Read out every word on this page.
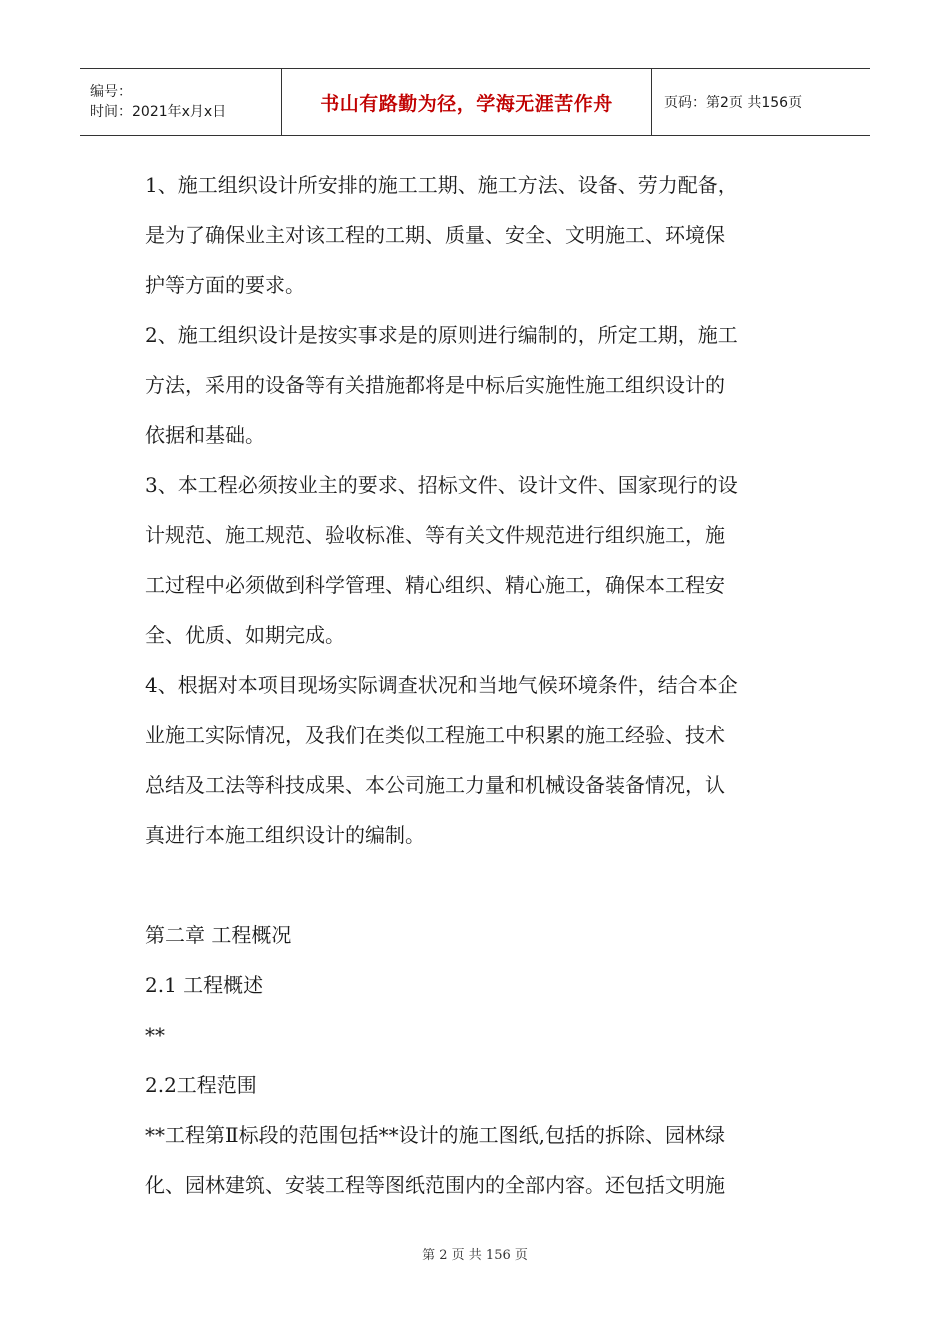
编号：
时间：2021年x月x日	书山有路勤为径，学海无涯苦作舟	页码：第2页 共156页
1、施工组织设计所安排的施工工期、施工方法、设备、劳力配备，
是为了确保业主对该工程的工期、质量、安全、文明施工、环境保
护等方面的要求。
2、施工组织设计是按实事求是的原则进行编制的，所定工期，施工
方法，采用的设备等有关措施都将是中标后实施性施工组织设计的
依据和基础。
3、本工程必须按业主的要求、招标文件、设计文件、国家现行的设
计规范、施工规范、验收标准、等有关文件规范进行组织施工，施
工过程中必须做到科学管理、精心组织、精心施工，确保本工程安
全、优质、如期完成。
4、根据对本项目现场实际调查状况和当地气候环境条件，结合本企
业施工实际情况，及我们在类似工程施工中积累的施工经验、技术
总结及工法等科技成果、本公司施工力量和机械设备装备情况，认
真进行本施工组织设计的编制。
第二章 工程概况
2.1 工程概述
**
2.2工程范围
**工程第Ⅱ标段的范围包括**设计的施工图纸,包括的拆除、园林绿
化、园林建筑、安装工程等图纸范围内的全部内容。还包括文明施
第 2 页 共 156 页
